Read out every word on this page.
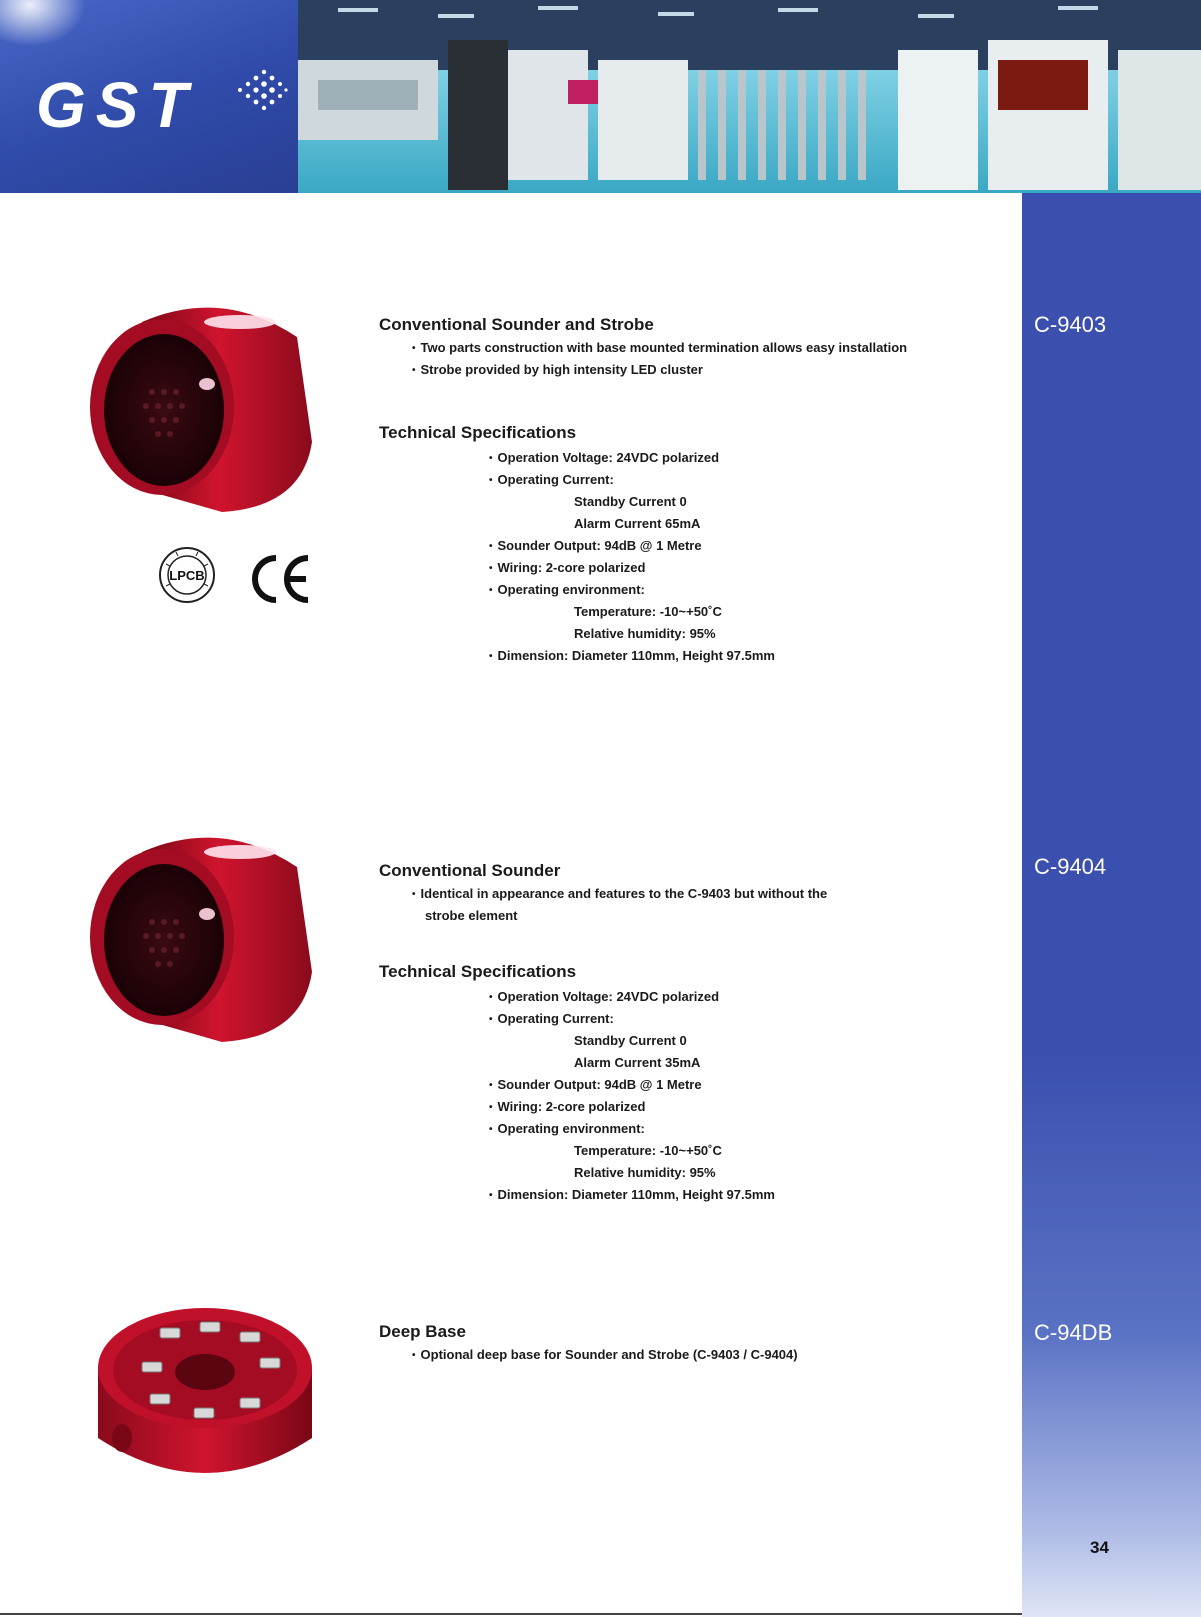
GST
C-9403
C-9404
C-94DB
34
LPCB
Conventional Sounder and Strobe
• Two parts construction with base mounted termination allows easy installation
• Strobe provided by high intensity LED cluster
Technical Specifications
• Operation Voltage: 24VDC polarized
• Operating Current:
Standby Current 0
Alarm Current 65mA
• Sounder Output: 94dB @ 1 Metre
• Wiring: 2-core polarized
• Operating environment:
Temperature: -10~+50˚C
Relative humidity: 95%
• Dimension: Diameter 110mm, Height 97.5mm
Conventional Sounder
• Identical in appearance and features to the C-9403 but without the
strobe element
Technical Specifications
• Operation Voltage: 24VDC polarized
• Operating Current:
Standby Current 0
Alarm Current 35mA
• Sounder Output: 94dB @ 1 Metre
• Wiring: 2-core polarized
• Operating environment:
Temperature: -10~+50˚C
Relative humidity: 95%
• Dimension: Diameter 110mm, Height 97.5mm
Deep Base
• Optional deep base for Sounder and Strobe (C-9403 / C-9404)
